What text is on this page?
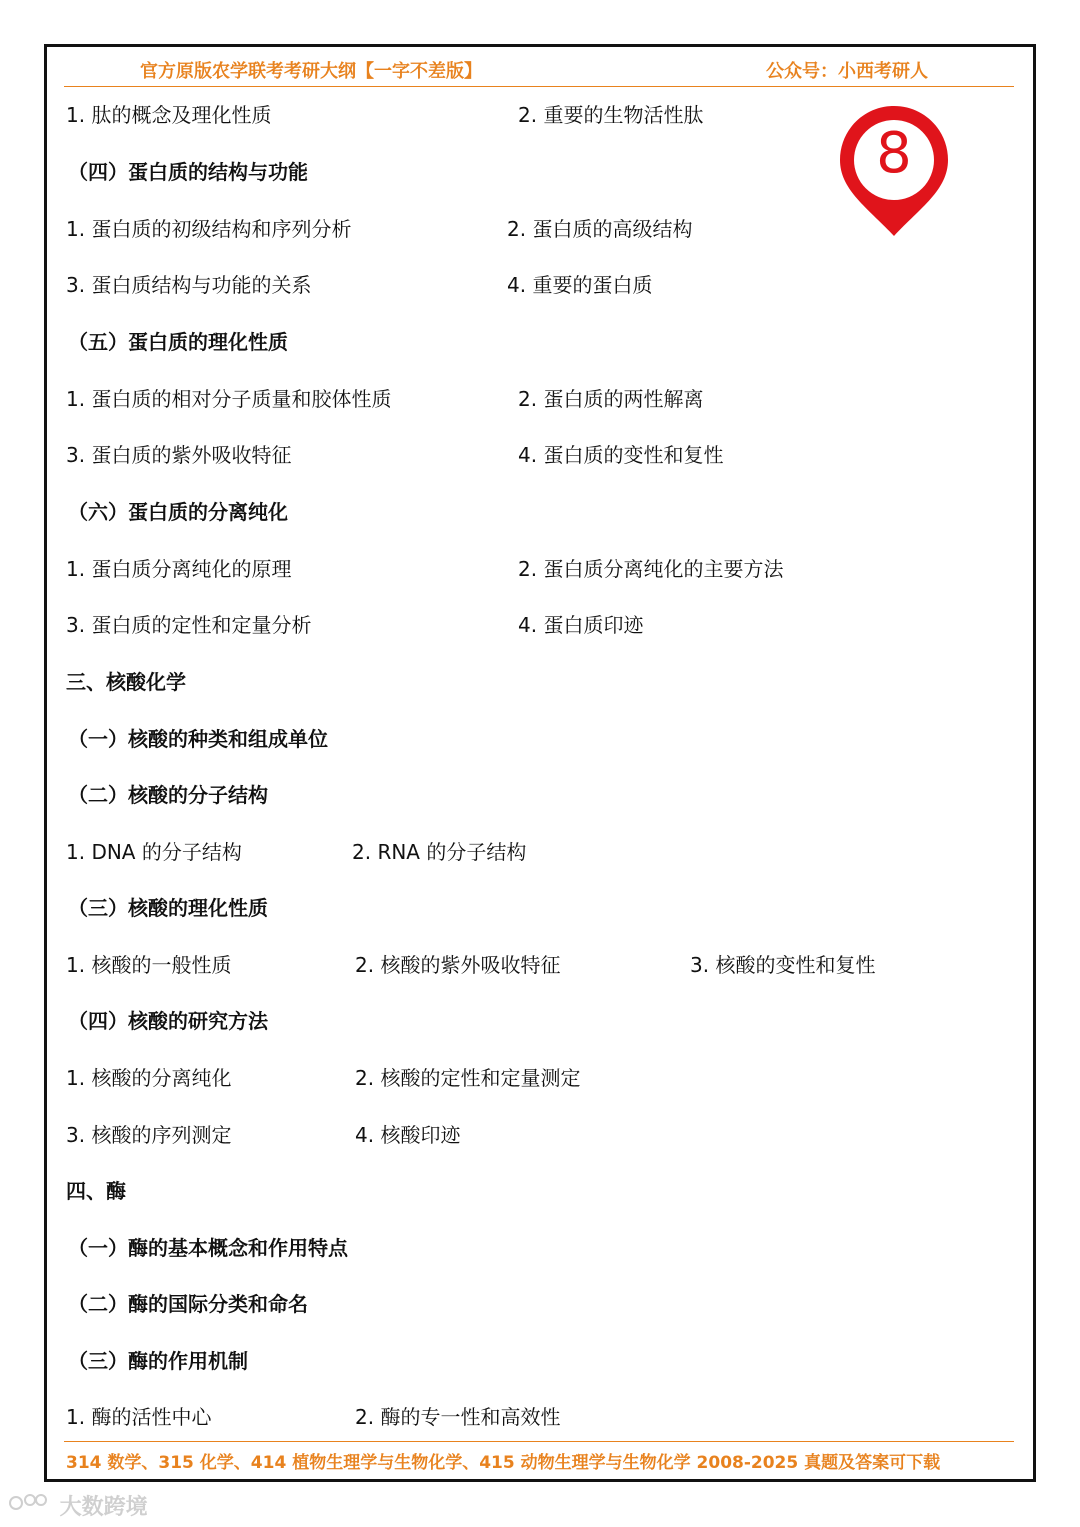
官方原版农学联考考研大纲【一字不差版】	公众号：小西考研人
8
1. 肽的概念及理化性质	2. 重要的生物活性肽
（四）蛋白质的结构与功能
1. 蛋白质的初级结构和序列分析	2. 蛋白质的高级结构
3. 蛋白质结构与功能的关系	4. 重要的蛋白质
（五）蛋白质的理化性质
1. 蛋白质的相对分子质量和胶体性质	2. 蛋白质的两性解离
3. 蛋白质的紫外吸收特征	4. 蛋白质的变性和复性
（六）蛋白质的分离纯化
1. 蛋白质分离纯化的原理	2. 蛋白质分离纯化的主要方法
3. 蛋白质的定性和定量分析	4. 蛋白质印迹
三、核酸化学
（一）核酸的种类和组成单位
（二）核酸的分子结构
1. DNA 的分子结构	2. RNA 的分子结构
（三）核酸的理化性质
1. 核酸的一般性质	2. 核酸的紫外吸收特征	3. 核酸的变性和复性
（四）核酸的研究方法
1. 核酸的分离纯化	2. 核酸的定性和定量测定
3. 核酸的序列测定	4. 核酸印迹
四、酶
（一）酶的基本概念和作用特点
（二）酶的国际分类和命名
（三）酶的作用机制
1. 酶的活性中心	2. 酶的专一性和高效性
314 数学、315 化学、414 植物生理学与生物化学、415 动物生理学与生物化学 2008-2025 真题及答案可下载
大数跨境
